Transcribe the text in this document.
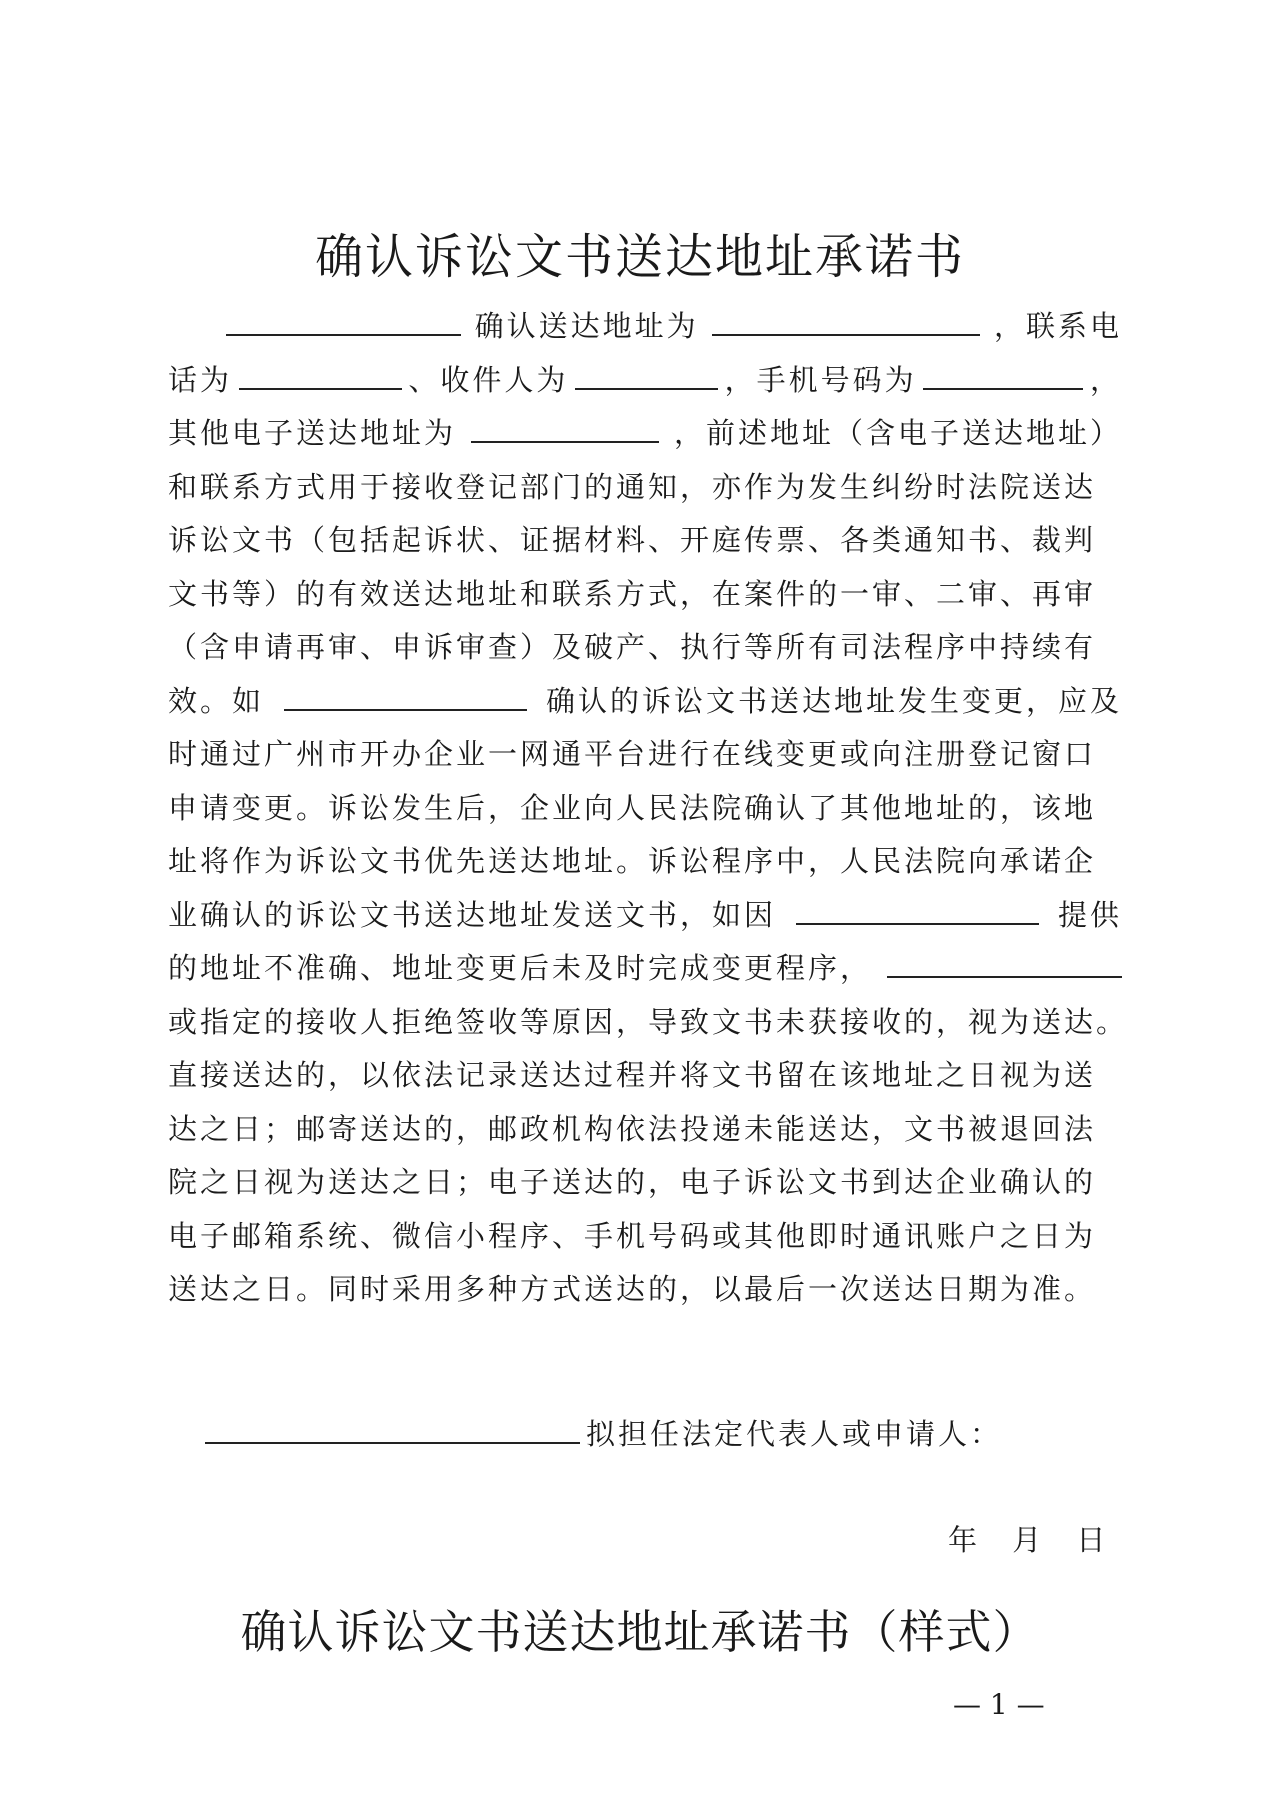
确认诉讼文书送达地址承诺书
确认送达地址为	，联系电
话为	、收件人为	，手机号码为	，
其他电子送达地址为	，前述地址（含电子送达地址）
和联系方式用于接收登记部门的通知，亦作为发生纠纷时法院送达
诉讼文书（包括起诉状、证据材料、开庭传票、各类通知书、裁判
文书等）的有效送达地址和联系方式，在案件的一审、二审、再审
（含申请再审、申诉审查）及破产、执行等所有司法程序中持续有
效。如	确认的诉讼文书送达地址发生变更，应及
时通过广州市开办企业一网通平台进行在线变更或向注册登记窗口
申请变更。诉讼发生后，企业向人民法院确认了其他地址的，该地
址将作为诉讼文书优先送达地址。诉讼程序中，人民法院向承诺企
业确认的诉讼文书送达地址发送文书，如因	提供
的地址不准确、地址变更后未及时完成变更程序，
或指定的接收人拒绝签收等原因，导致文书未获接收的，视为送达。
直接送达的，以依法记录送达过程并将文书留在该地址之日视为送
达之日；邮寄送达的，邮政机构依法投递未能送达，文书被退回法
院之日视为送达之日；电子送达的，电子诉讼文书到达企业确认的
电子邮箱系统、微信小程序、手机号码或其他即时通讯账户之日为
送达之日。同时采用多种方式送达的，以最后一次送达日期为准。
拟担任法定代表人或申请人：
年 月 日
确认诉讼文书送达地址承诺书（样式）
— 1 —
